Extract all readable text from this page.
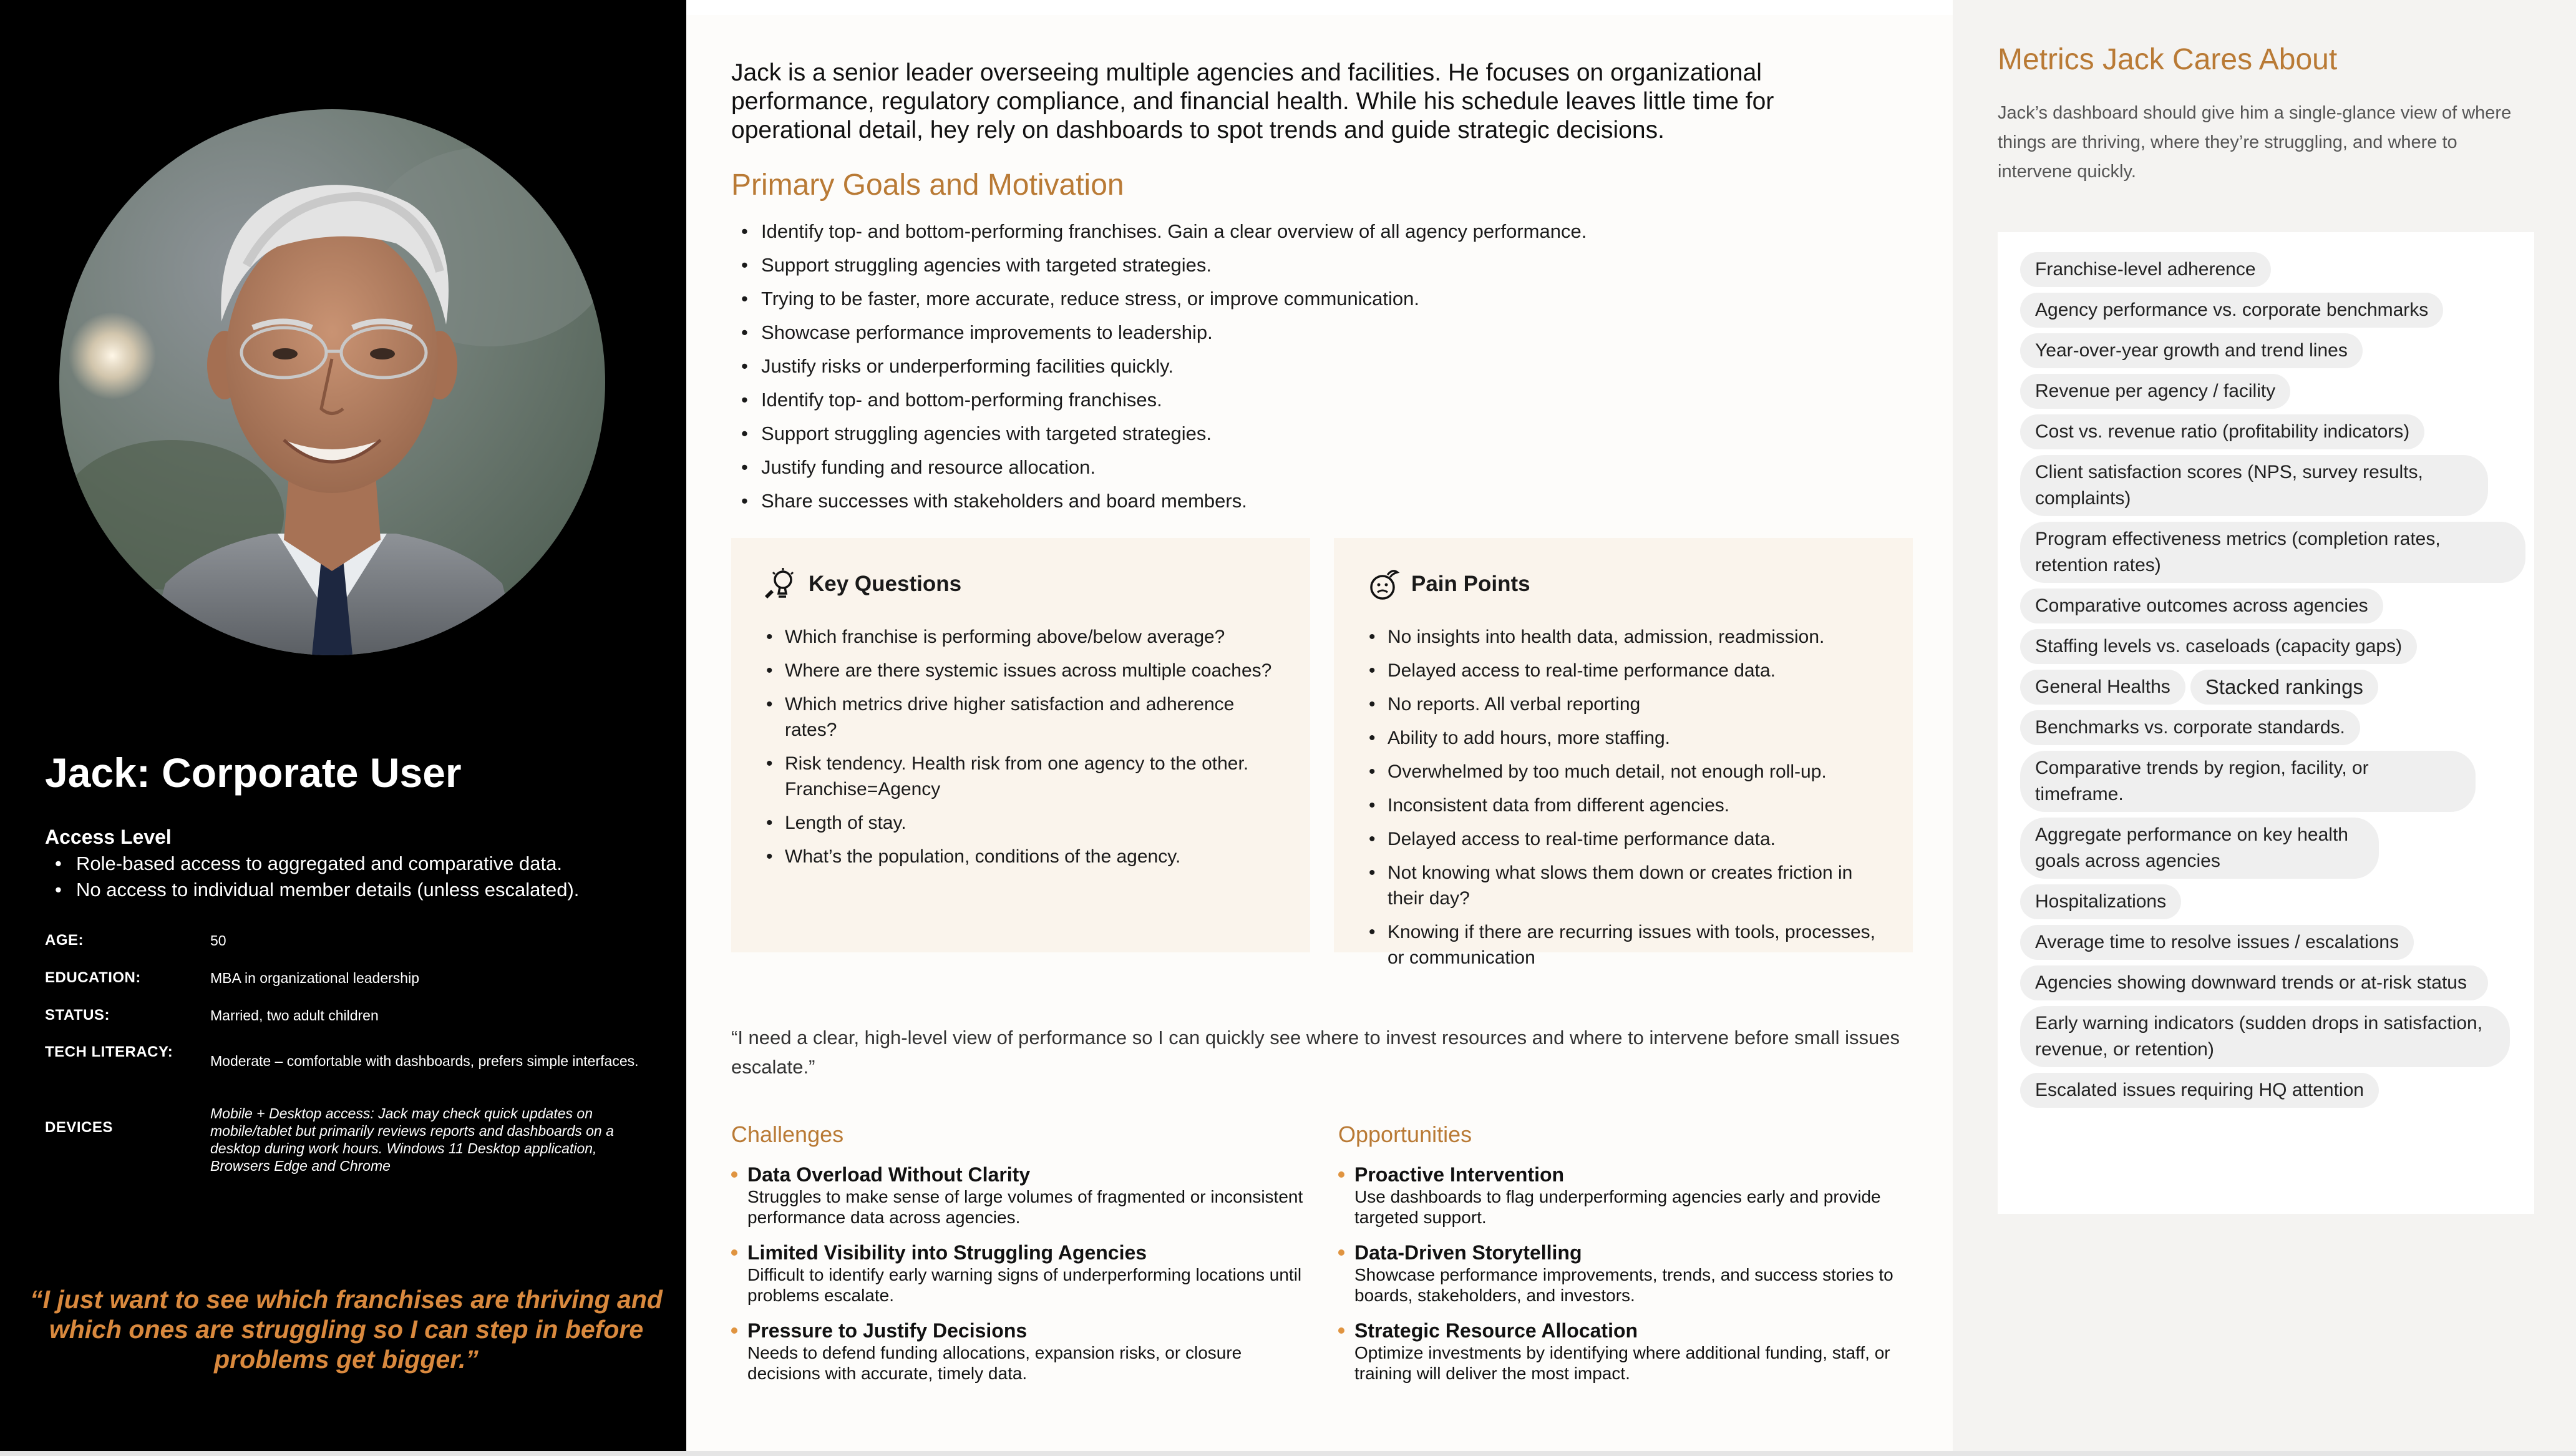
Jack: Corporate User
Access Level
• Role-based access to aggregated and comparative data.
• No access to individual member details (unless escalated).
AGE:	50
EDUCATION:	MBA in organizational leadership
STATUS:	Married, two adult children
TECH LITERACY:
Moderate – comfortable with dashboards, prefers simple interfaces.
DEVICES
Mobile + Desktop access: Jack may check quick updates on mobile/tablet but primarily reviews reports and dashboards on a desktop during work hours. Windows 11 Desktop application, Browsers Edge and Chrome
“I just want to see which franchises are thriving and which ones are struggling so I can step in before problems get bigger.”
Jack is a senior leader overseeing multiple agencies and facilities. He focuses on organizational performance, regulatory compliance, and financial health. While his schedule leaves little time for operational detail, hey rely on dashboards to spot trends and guide strategic decisions.
Primary Goals and Motivation
• Identify top- and bottom-performing franchises. Gain a clear overview of all agency performance.
• Support struggling agencies with targeted strategies.
• Trying to be faster, more accurate, reduce stress, or improve communication.
• Showcase performance improvements to leadership.
• Justify risks or underperforming facilities quickly.
• Identify top- and bottom-performing franchises.
• Support struggling agencies with targeted strategies.
• Justify funding and resource allocation.
• Share successes with stakeholders and board members.
Key Questions
• Which franchise is performing above/below average?
• Where are there systemic issues across multiple coaches?
• Which metrics drive higher satisfaction and adherence rates?
• Risk tendency. Health risk from one agency to the other. Franchise=Agency
• Length of stay.
• What’s the population, conditions of the agency.
Pain Points
• No insights into health data, admission, readmission.
• Delayed access to real-time performance data.
• No reports. All verbal reporting
• Ability to add hours, more staffing.
• Overwhelmed by too much detail, not enough roll-up.
• Inconsistent data from different agencies.
• Delayed access to real-time performance data.
• Not knowing what slows them down or creates friction in their day?
• Knowing if there are recurring issues with tools, processes, or communication
“I need a clear, high-level view of performance so I can quickly see where to invest resources and where to intervene before small issues escalate.”
Challenges
Data Overload Without Clarity
Struggles to make sense of large volumes of fragmented or inconsistent performance data across agencies.
Limited Visibility into Struggling Agencies
Difficult to identify early warning signs of underperforming locations until problems escalate.
Pressure to Justify Decisions
Needs to defend funding allocations, expansion risks, or closure decisions with accurate, timely data.
Opportunities
Proactive Intervention
Use dashboards to flag underperforming agencies early and provide targeted support.
Data-Driven Storytelling
Showcase performance improvements, trends, and success stories to boards, stakeholders, and investors.
Strategic Resource Allocation
Optimize investments by identifying where additional funding, staff, or training will deliver the most impact.
Metrics Jack Cares About
Jack’s dashboard should give him a single-glance view of where things are thriving, where they’re struggling, and where to intervene quickly.
Franchise-level adherence
Agency performance vs. corporate benchmarks
Year-over-year growth and trend lines
Revenue per agency / facility
Cost vs. revenue ratio (profitability indicators)
Client satisfaction scores (NPS, survey results, complaints)
Program effectiveness metrics (completion rates, retention rates)
Comparative outcomes across agencies
Staffing levels vs. caseloads (capacity gaps)
General Healths Stacked rankings
Benchmarks vs. corporate standards.
Comparative trends by region, facility, or timeframe.
Aggregate performance on key health goals across agencies
Hospitalizations
Average time to resolve issues / escalations
Agencies showing downward trends or at-risk status
Early warning indicators (sudden drops in satisfaction, revenue, or retention)
Escalated issues requiring HQ attention
